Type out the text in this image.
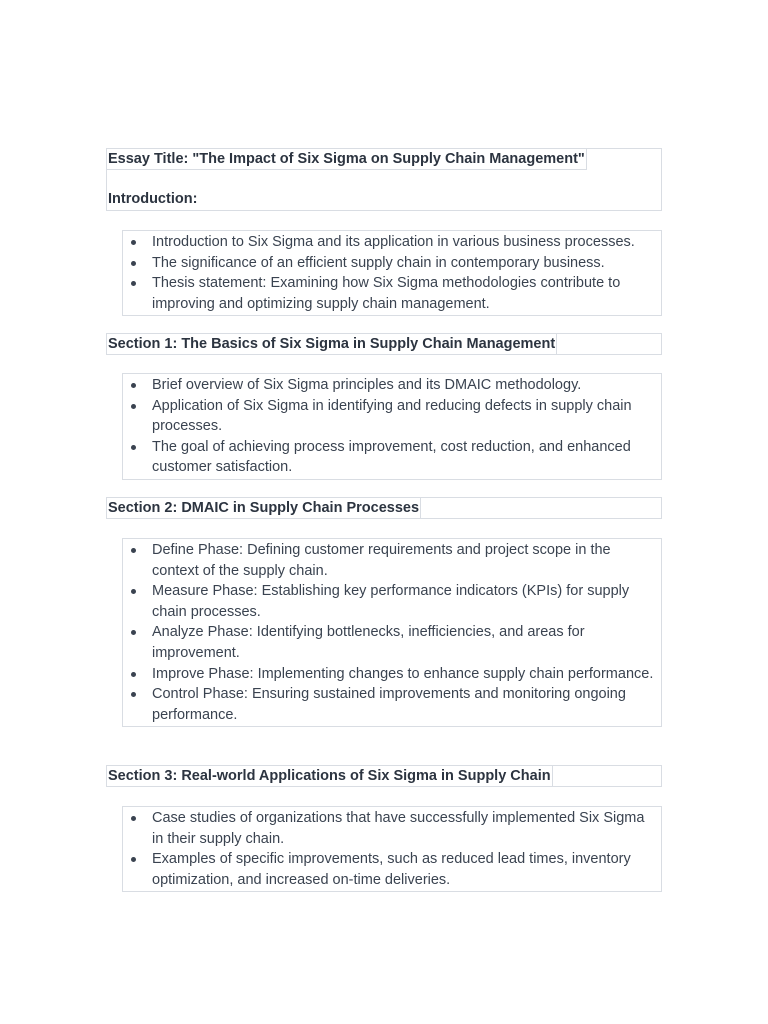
Essay Title: "The Impact of Six Sigma on Supply Chain Management"
Introduction:
Introduction to Six Sigma and its application in various business processes.
The significance of an efficient supply chain in contemporary business.
Thesis statement: Examining how Six Sigma methodologies contribute to improving and optimizing supply chain management.
Section 1: The Basics of Six Sigma in Supply Chain Management
Brief overview of Six Sigma principles and its DMAIC methodology.
Application of Six Sigma in identifying and reducing defects in supply chain processes.
The goal of achieving process improvement, cost reduction, and enhanced customer satisfaction.
Section 2: DMAIC in Supply Chain Processes
Define Phase: Defining customer requirements and project scope in the context of the supply chain.
Measure Phase: Establishing key performance indicators (KPIs) for supply chain processes.
Analyze Phase: Identifying bottlenecks, inefficiencies, and areas for improvement.
Improve Phase: Implementing changes to enhance supply chain performance.
Control Phase: Ensuring sustained improvements and monitoring ongoing performance.
Section 3: Real-world Applications of Six Sigma in Supply Chain
Case studies of organizations that have successfully implemented Six Sigma in their supply chain.
Examples of specific improvements, such as reduced lead times, inventory optimization, and increased on-time deliveries.
